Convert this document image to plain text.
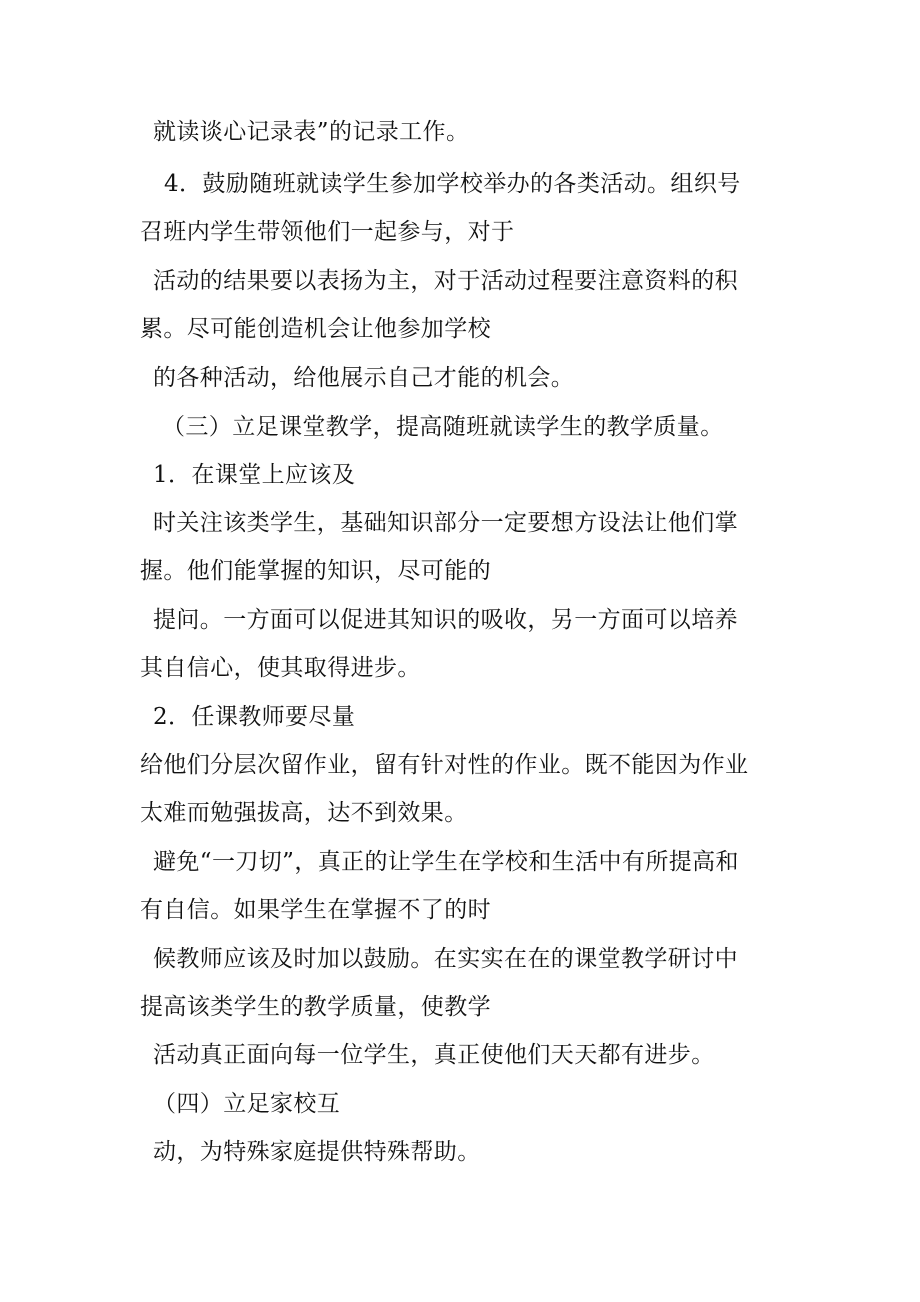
就读谈心记录表”的记录工作。
4．鼓励随班就读学生参加学校举办的各类活动。组织号
召班内学生带领他们一起参与，对于
活动的结果要以表扬为主，对于活动过程要注意资料的积
累。尽可能创造机会让他参加学校
的各种活动，给他展示自己才能的机会。
（三）立足课堂教学，提高随班就读学生的教学质量。
1．在课堂上应该及
时关注该类学生，基础知识部分一定要想方设法让他们掌
握。他们能掌握的知识，尽可能的
提问。一方面可以促进其知识的吸收，另一方面可以培养
其自信心，使其取得进步。
2．任课教师要尽量
给他们分层次留作业，留有针对性的作业。既不能因为作业
太难而勉强拔高，达不到效果。
避免“一刀切”，真正的让学生在学校和生活中有所提高和
有自信。如果学生在掌握不了的时
候教师应该及时加以鼓励。在实实在在的课堂教学研讨中
提高该类学生的教学质量，使教学
活动真正面向每一位学生，真正使他们天天都有进步。
（四）立足家校互
动，为特殊家庭提供特殊帮助。
